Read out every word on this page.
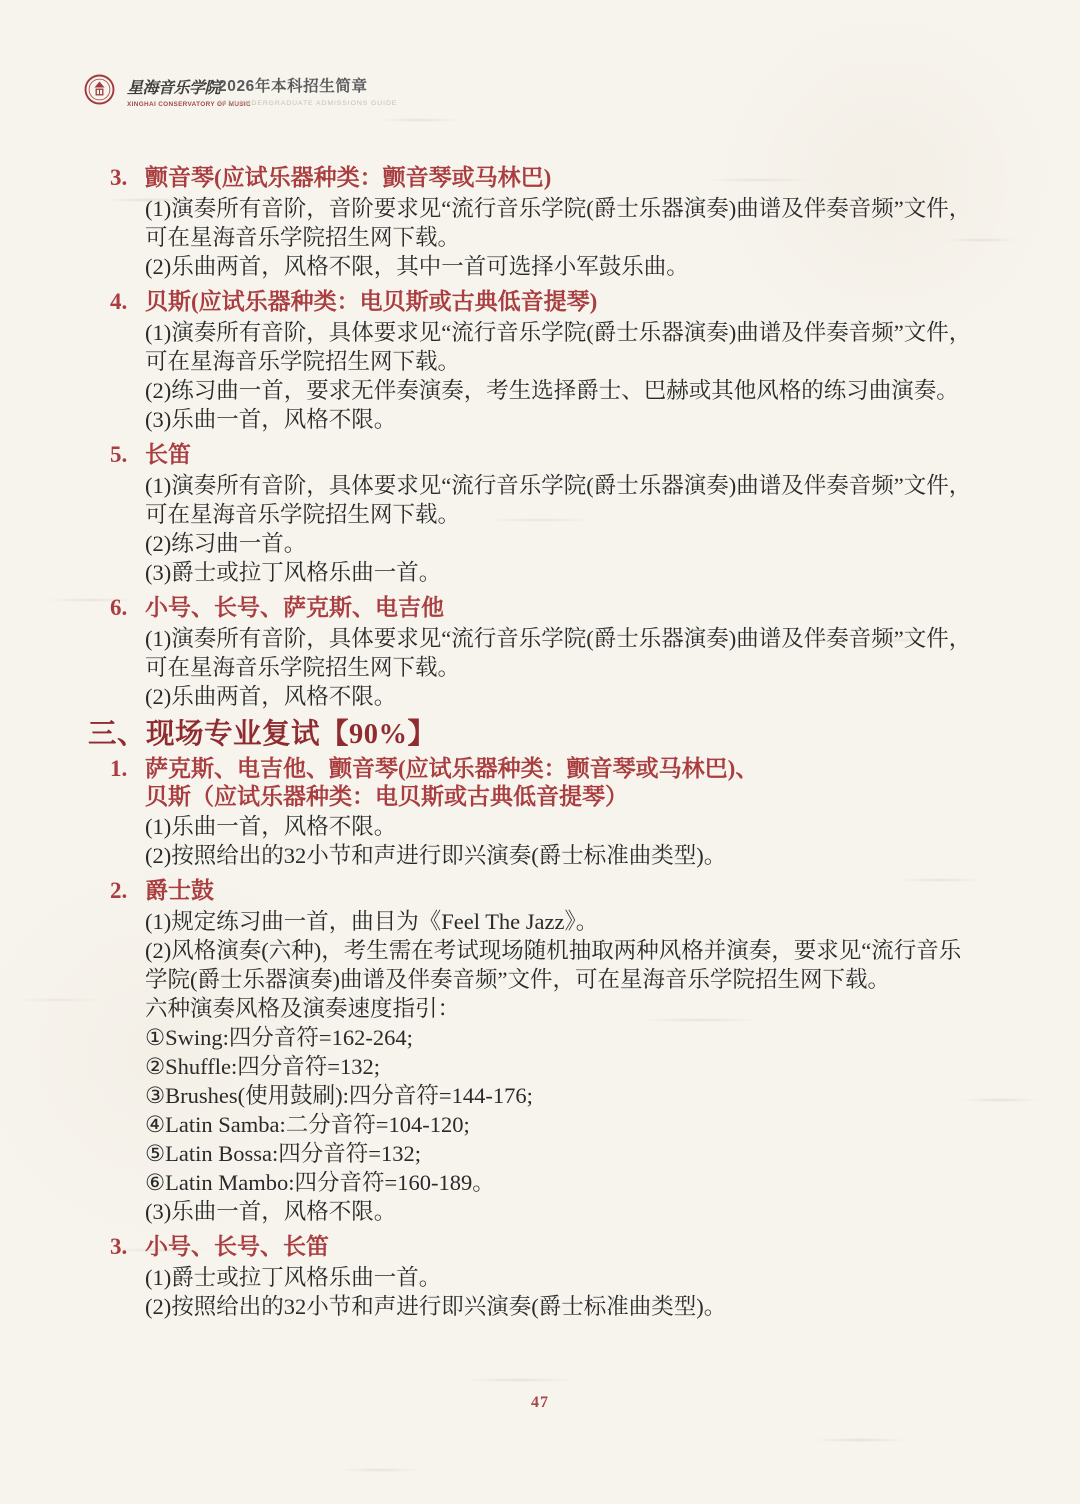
星海音乐学院
XINGHAI CONSERVATORY OF MUSIC
2026年本科招生简章
2026 UNDERGRADUATE ADMISSIONS GUIDE
3. 颤音琴(应试乐器种类：颤音琴或马林巴)

(1)演奏所有音阶，音阶要求见“流行音乐学院(爵士乐器演奏)曲谱及伴奏音频”文件，可在星海音乐学院招生网下载。

(2)乐曲两首，风格不限，其中一首可选择小军鼓乐曲。

4. 贝斯(应试乐器种类：电贝斯或古典低音提琴)

(1)演奏所有音阶，具体要求见“流行音乐学院(爵士乐器演奏)曲谱及伴奏音频”文件，可在星海音乐学院招生网下载。

(2)练习曲一首，要求无伴奏演奏，考生选择爵士、巴赫或其他风格的练习曲演奏。

(3)乐曲一首，风格不限。

5. 长笛

(1)演奏所有音阶，具体要求见“流行音乐学院(爵士乐器演奏)曲谱及伴奏音频”文件，可在星海音乐学院招生网下载。

(2)练习曲一首。

(3)爵士或拉丁风格乐曲一首。

6. 小号、长号、萨克斯、电吉他

(1)演奏所有音阶，具体要求见“流行音乐学院(爵士乐器演奏)曲谱及伴奏音频”文件，可在星海音乐学院招生网下载。

(2)乐曲两首，风格不限。

三、现场专业复试【90%】
1. 萨克斯、电吉他、颤音琴(应试乐器种类：颤音琴或马林巴)、
贝斯（应试乐器种类：电贝斯或古典低音提琴）

(1)乐曲一首，风格不限。

(2)按照给出的32小节和声进行即兴演奏(爵士标准曲类型)。

2. 爵士鼓

(1)规定练习曲一首，曲目为《Feel The Jazz》。

(2)风格演奏(六种)，考生需在考试现场随机抽取两种风格并演奏，要求见“流行音乐学院(爵士乐器演奏)曲谱及伴奏音频”文件，可在星海音乐学院招生网下载。

六种演奏风格及演奏速度指引：

①Swing:四分音符=162-264;

②Shuffle:四分音符=132;

③Brushes(使用鼓刷):四分音符=144-176;

④Latin Samba:二分音符=104-120;

⑤Latin Bossa:四分音符=132;

⑥Latin Mambo:四分音符=160-189。

(3)乐曲一首，风格不限。

3. 小号、长号、长笛

(1)爵士或拉丁风格乐曲一首。

(2)按照给出的32小节和声进行即兴演奏(爵士标准曲类型)。

47
